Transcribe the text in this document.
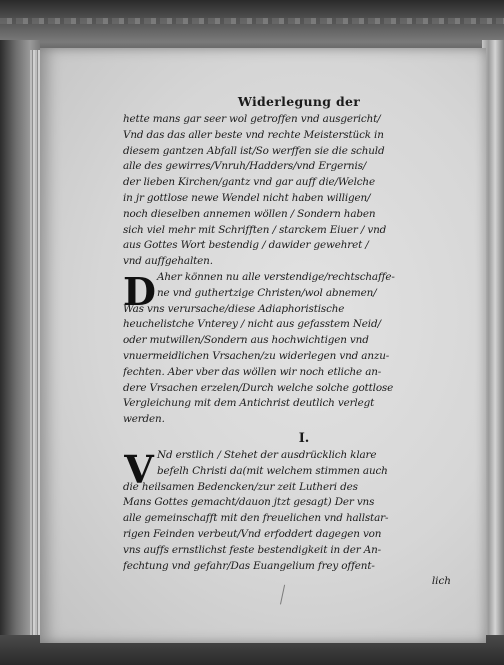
Widerlegung der
hette mans gar seer wol getroffen vnd ausgericht/
Vnd das das aller beste vnd rechte Meisterstück in
diesem gantzen Abfall ist/So werffen sie die schuld
alle des gewirres/Vnruh/Hadders/vnd Ergernis/
der lieben Kirchen/gantz vnd gar auff die/Welche
in jr gottlose newe Wendel nicht haben willigen/
noch dieselben annemen wöllen / Sondern haben
sich viel mehr mit Schrifften / starckem Eiuer / vnd
aus Gottes Wort bestendig / dawider gewehret /
vnd auffgehalten.
D Aher können nu alle verstendige/rechtschaffe-
ne vnd guthertzige Christen/wol abnemen/
Was vns verursache/diese Adiaphoristische
heuchelistche Vnterey / nicht aus gefasstem Neid/
oder mutwillen/Sondern aus hochwichtigen vnd
vnuermeidlichen Vrsachen/zu widerlegen vnd anzu-
fechten. Aber vber das wöllen wir noch etliche an-
dere Vrsachen erzelen/Durch welche solche gottlose
Vergleichung mit dem Antichrist deutlich verlegt
werden.
I.
V Nd erstlich / Stehet der ausdrücklich klare
befelh Christi da(mit welchem stimmen auch
die heilsamen Bedencken/zur zeit Lutheri des
Mans Gottes gemacht/dauon jtzt gesagt) Der vns
alle gemeinschafft mit den freuelichen vnd hallstar-
rigen Feinden verbeut/Vnd erfoddert dagegen von
vns auffs ernstlichst feste bestendigkeit in der An-
fechtung vnd gefahr/Das Euangelium frey offent-
lich
